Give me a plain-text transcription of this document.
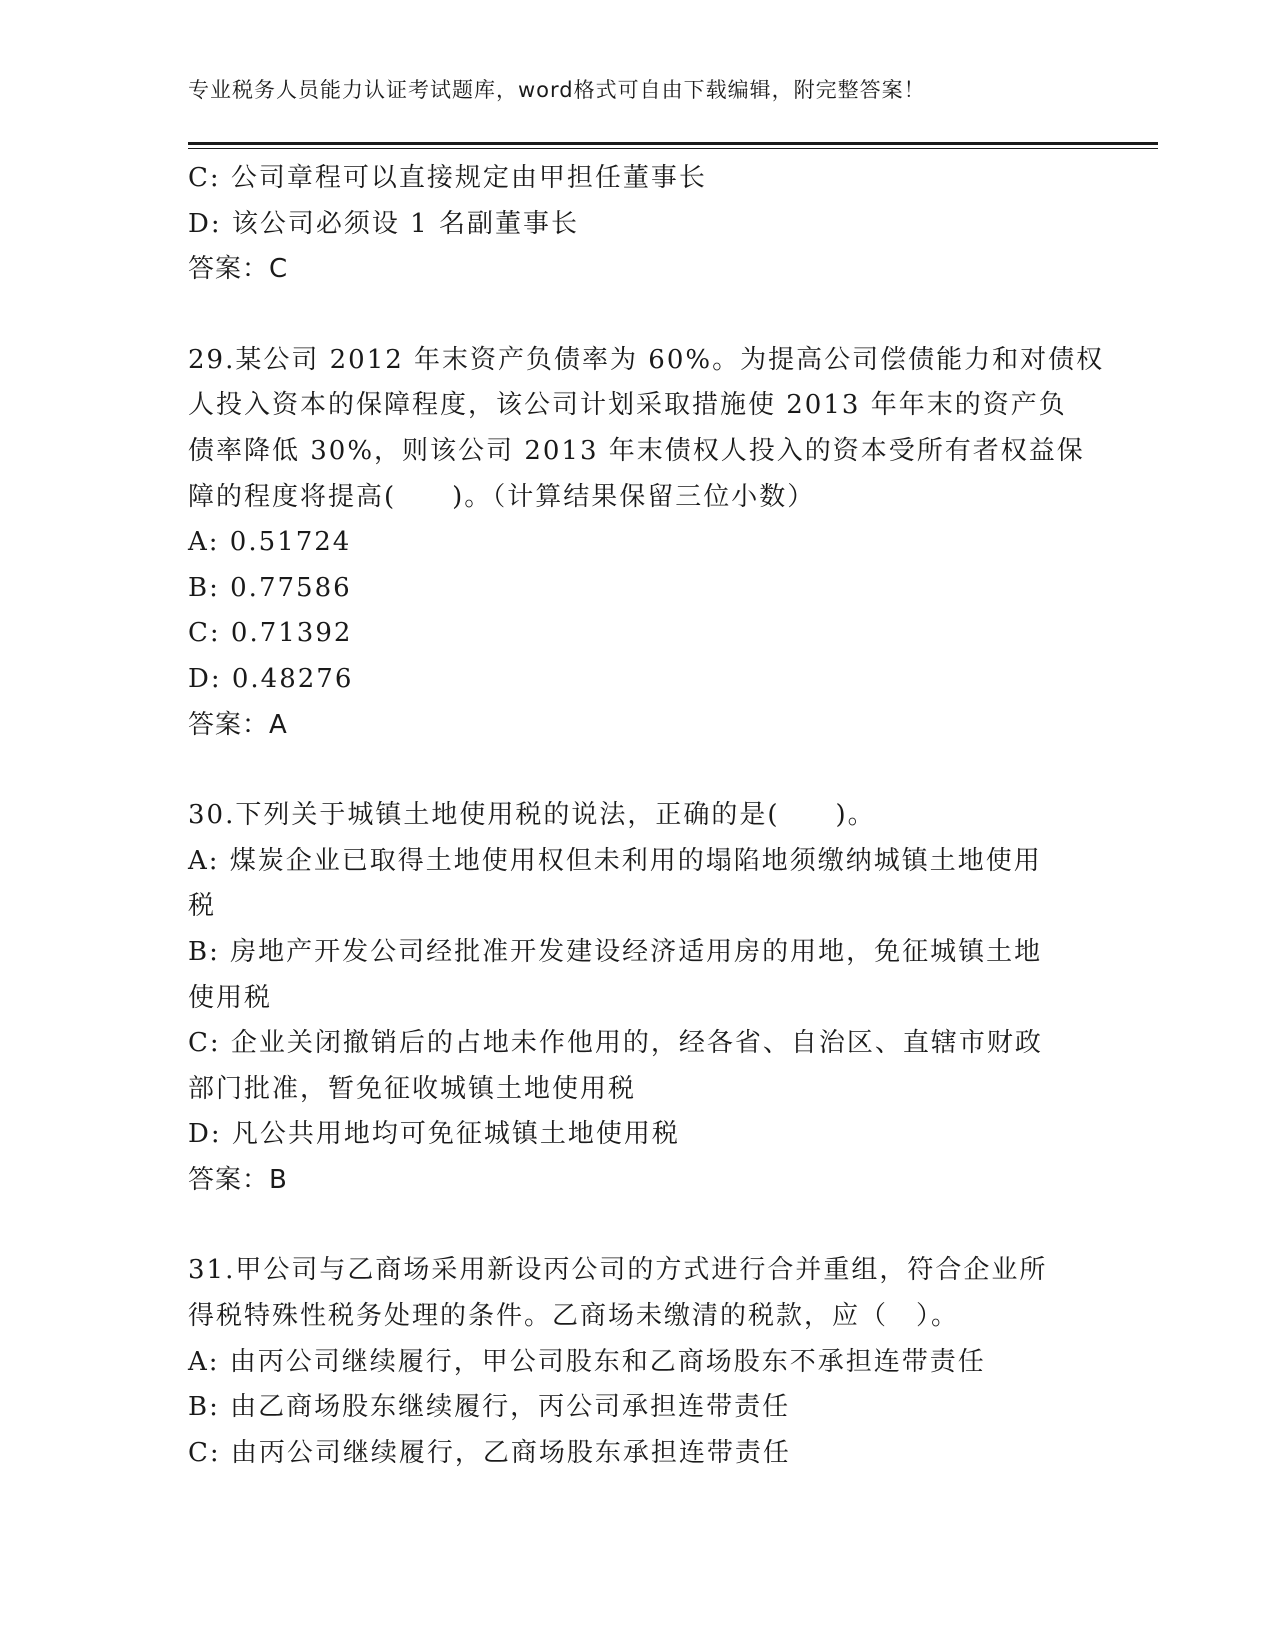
专业税务人员能力认证考试题库，word格式可自由下载编辑，附完整答案！
C: 公司章程可以直接规定由甲担任董事长
D: 该公司必须设 1 名副董事长
答案：C
29.某公司 2012 年末资产负债率为 60%。为提高公司偿债能力和对债权
人投入资本的保障程度，该公司计划采取措施使 2013 年年末的资产负
债率降低 30%，则该公司 2013 年末债权人投入的资本受所有者权益保
障的程度将提高(　　)。（计算结果保留三位小数）
A: 0.51724
B: 0.77586
C: 0.71392
D: 0.48276
答案：A
30.下列关于城镇土地使用税的说法，正确的是(　　)。
A: 煤炭企业已取得土地使用权但未利用的塌陷地须缴纳城镇土地使用
税
B: 房地产开发公司经批准开发建设经济适用房的用地，免征城镇土地
使用税
C: 企业关闭撤销后的占地未作他用的，经各省、自治区、直辖市财政
部门批准，暂免征收城镇土地使用税
D: 凡公共用地均可免征城镇土地使用税
答案：B
31.甲公司与乙商场采用新设丙公司的方式进行合并重组，符合企业所
得税特殊性税务处理的条件。乙商场未缴清的税款，应（　）。
A: 由丙公司继续履行，甲公司股东和乙商场股东不承担连带责任
B: 由乙商场股东继续履行，丙公司承担连带责任
C: 由丙公司继续履行，乙商场股东承担连带责任
